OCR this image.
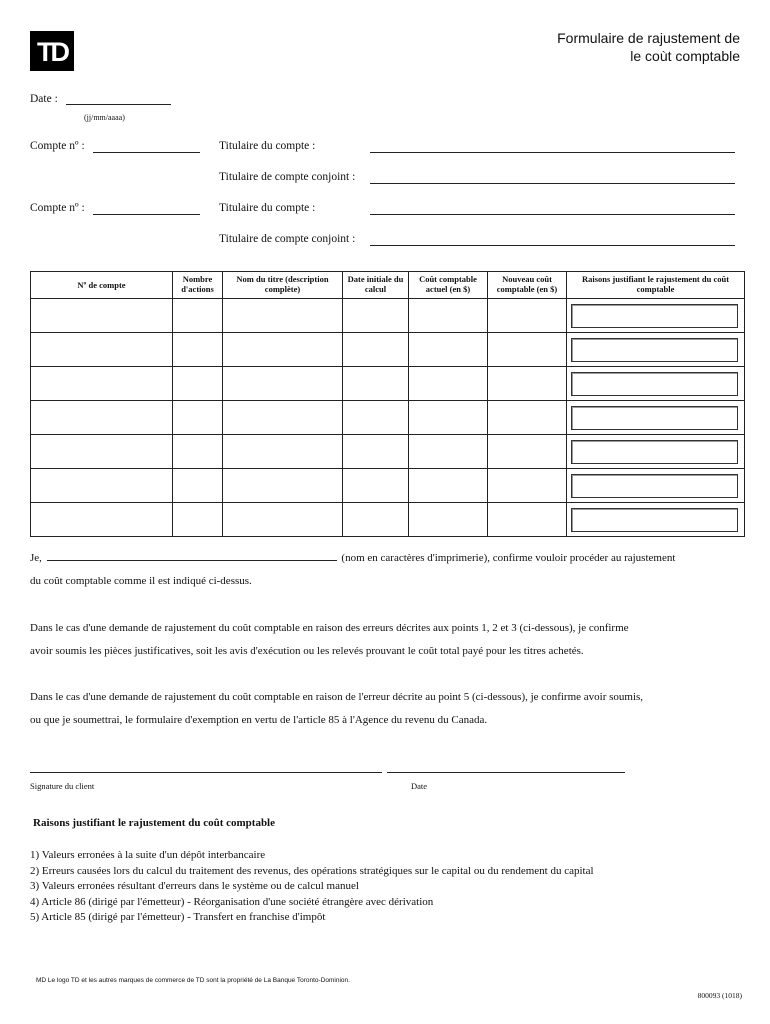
TD	Formulaire de rajustement de
le coùt comptable
Date :
(jj/mm/aaaa)
Compte nº :	Titulaire du compte :
Titulaire de compte conjoint :
Compte nº :	Titulaire du compte :
Titulaire de compte conjoint :
Nº de compte	Nombre d'actions	Nom du titre (description complète)	Date initiale du calcul	Coût comptable actuel (en $)	Nouveau coût comptable (en $)	Raisons justifiant le rajustement du coût comptable

Je,	(nom en caractères d'imprimerie), confirme vouloir procéder au rajustement
du coût comptable comme il est indiqué ci-dessus.
Dans le cas d'une demande de rajustement du coût comptable en raison des erreurs décrites aux points 1, 2 et 3 (ci-dessous), je confirme
avoir soumis les pièces justificatives, soit les avis d'exécution ou les relevés prouvant le coût total payé pour les titres achetés.
Dans le cas d'une demande de rajustement du coût comptable en raison de l'erreur décrite au point 5 (ci-dessous), je confirme avoir soumis,
ou que je soumettrai, le formulaire d'exemption en vertu de l'article 85 à l'Agence du revenu du Canada.
Signature du client	Date
Raisons justifiant le rajustement du coût comptable
1) Valeurs erronées à la suite d'un dépôt interbancaire
2) Erreurs causées lors du calcul du traitement des revenus, des opérations stratégiques sur le capital ou du rendement du capital
3) Valeurs erronées résultant d'erreurs dans le système ou de calcul manuel
4) Article 86 (dirigé par l'émetteur) - Réorganisation d'une société étrangère avec dérivation
5) Article 85 (dirigé par l'émetteur) - Transfert en franchise d'impôt
MD Le logo TD et les autres marques de commerce de TD sont la propriété de La Banque Toronto-Dominion.
800093 (1018)
